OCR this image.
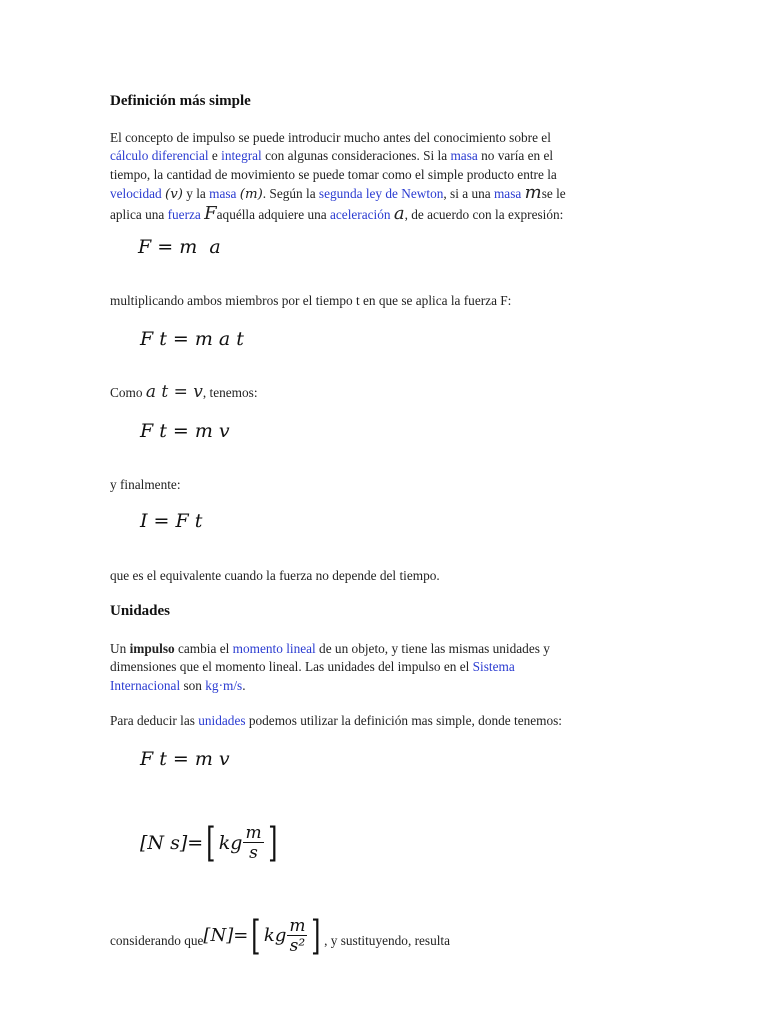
Definición más simple
El concepto de impulso se puede introducir mucho antes del conocimiento sobre el
cálculo diferencial e integral con algunas consideraciones. Si la masa no varía en el
tiempo, la cantidad de movimiento se puede tomar como el simple producto entre la
velocidad (v) y la masa (m). Según la segunda ley de Newton, si a una masa mse le
aplica una fuerza Faquélla adquiere una aceleración a, de acuerdo con la expresión:
F = m a
multiplicando ambos miembros por el tiempo t en que se aplica la fuerza F:
F t = m a t
Como a t = v, tenemos:
F t = m v
y finalmente:
I = F t
que es el equivalente cuando la fuerza no depende del tiempo.
Unidades
Un impulso cambia el momento lineal de un objeto, y tiene las mismas unidades y
dimensiones que el momento lineal. Las unidades del impulso en el Sistema
Internacional son kg·m/s.
Para deducir las unidades podemos utilizar la definición mas simple, donde tenemos:
F t = m v
[N s] = [ kg $\frac{m}{s}$ ]
considerando que [N] = [ kg $\frac{m}{\text{s²}}$ ] , y sustituyendo, resulta
